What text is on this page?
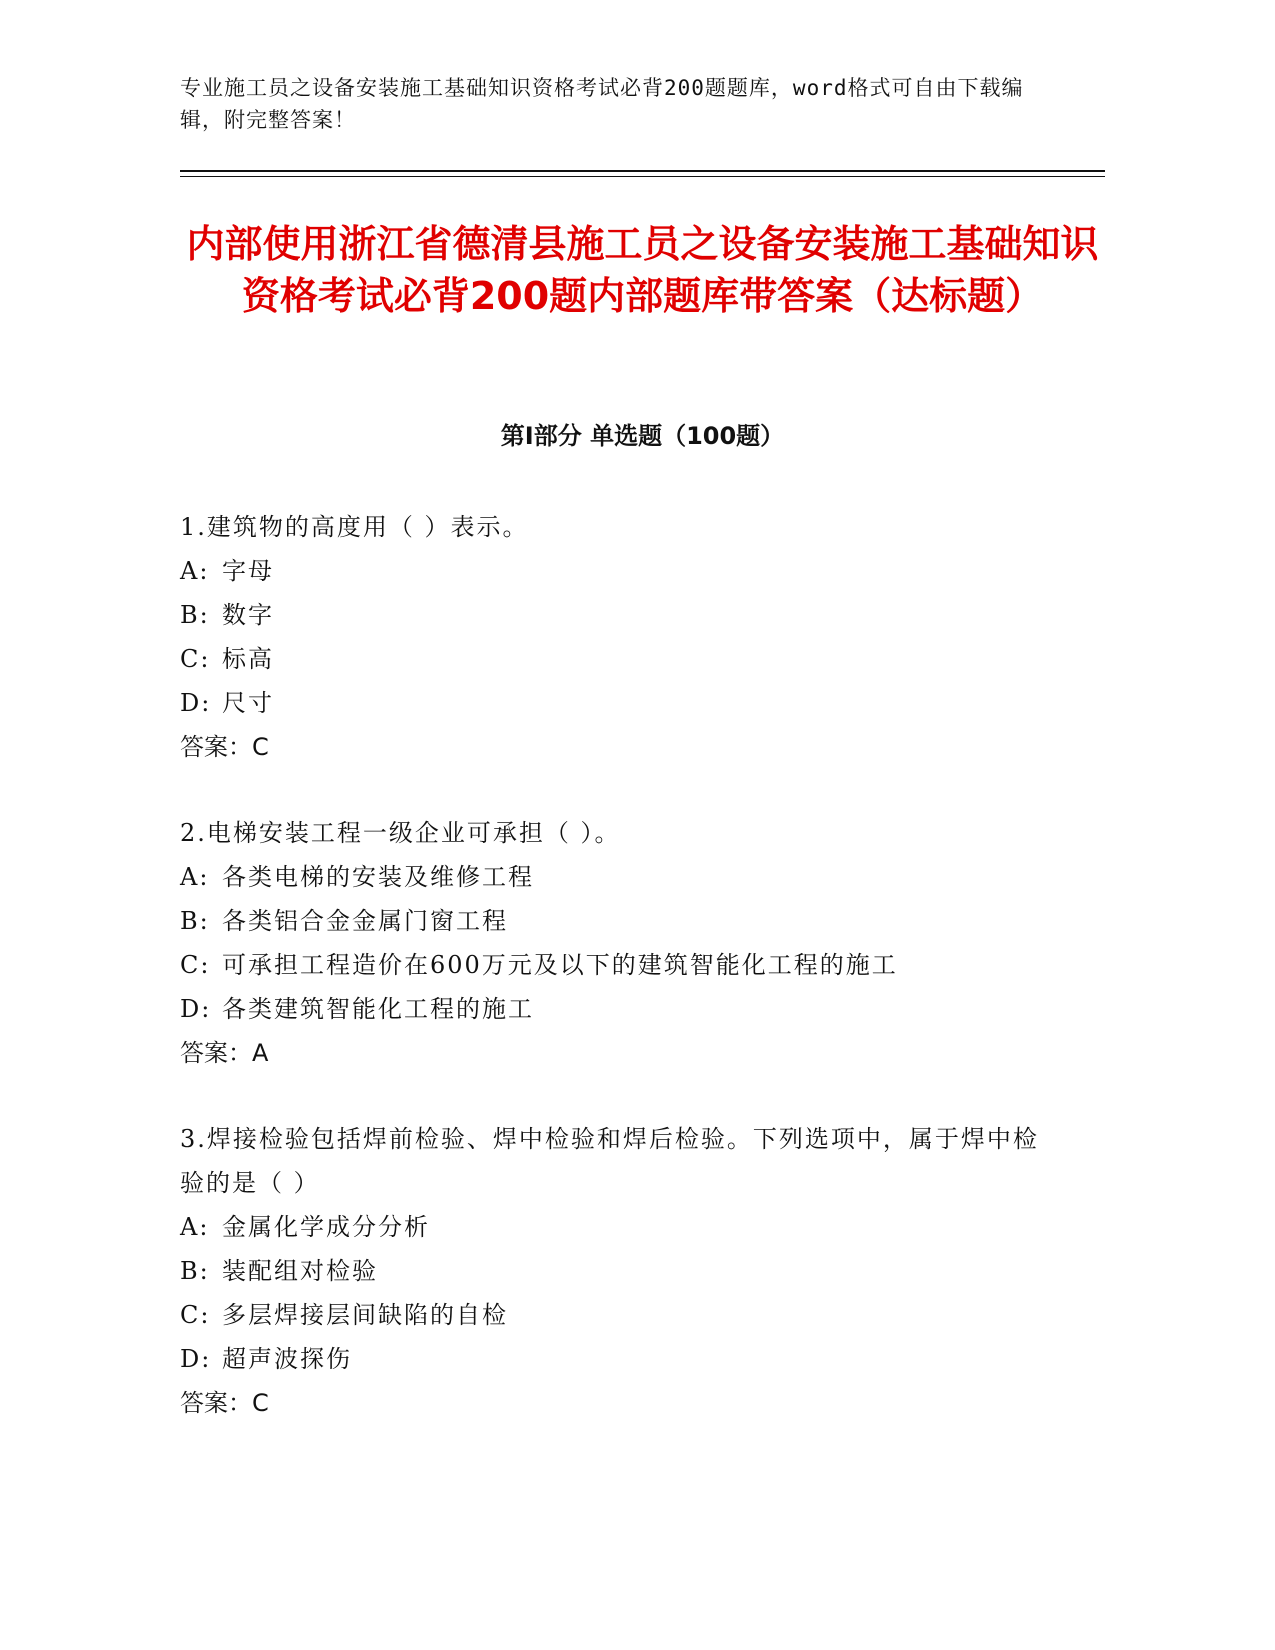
专业施工员之设备安装施工基础知识资格考试必背200题题库，word格式可自由下载编辑，附完整答案！
内部使用浙江省德清县施工员之设备安装施工基础知识资格考试必背200题内部题库带答案（达标题）
第Ⅰ部分 单选题（100题）
1.建筑物的高度用（ ）表示。
A: 字母
B: 数字
C: 标高
D: 尺寸
答案：C
2.电梯安装工程一级企业可承担（ ）。
A: 各类电梯的安装及维修工程
B: 各类铝合金金属门窗工程
C: 可承担工程造价在600万元及以下的建筑智能化工程的施工
D: 各类建筑智能化工程的施工
答案：A
3.焊接检验包括焊前检验、焊中检验和焊后检验。下列选项中，属于焊中检验的是（ ）
A: 金属化学成分分析
B: 装配组对检验
C: 多层焊接层间缺陷的自检
D: 超声波探伤
答案：C
